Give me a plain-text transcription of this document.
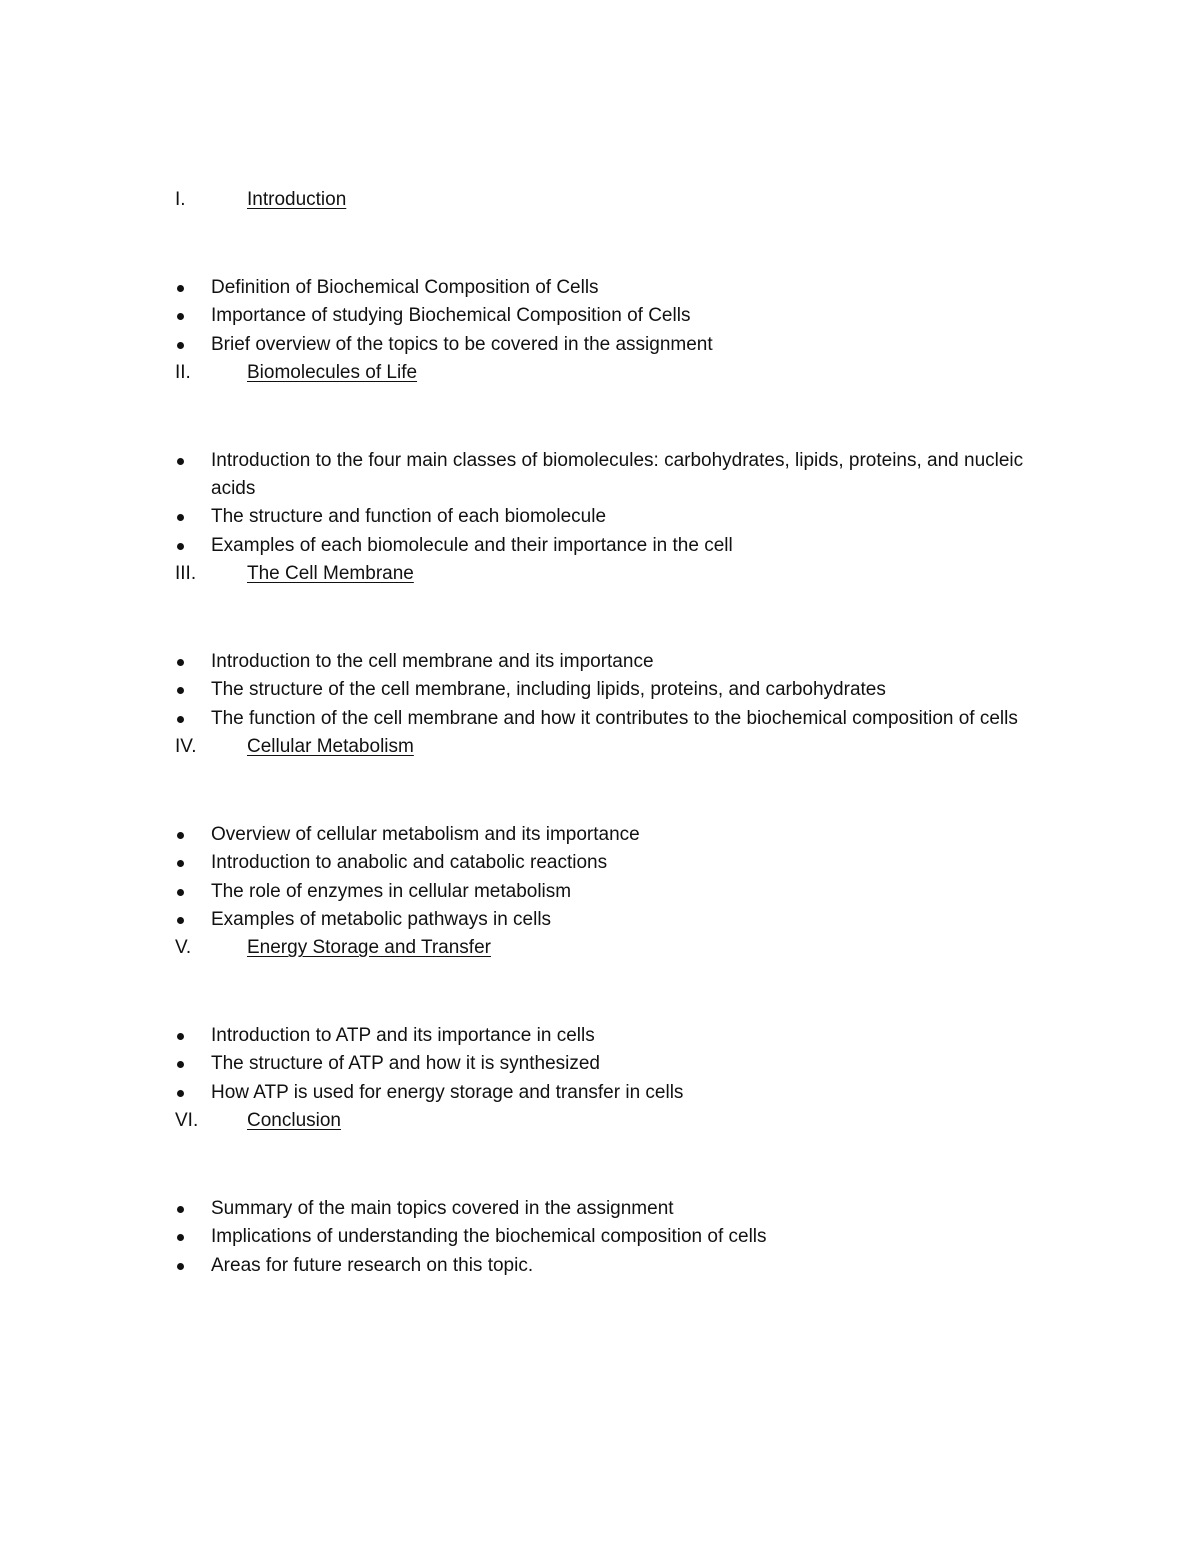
I.	Introduction
Definition of Biochemical Composition of Cells
Importance of studying Biochemical Composition of Cells
Brief overview of the topics to be covered in the assignment
II.	Biomolecules of Life
Introduction to the four main classes of biomolecules: carbohydrates, lipids, proteins, and nucleic acids
The structure and function of each biomolecule
Examples of each biomolecule and their importance in the cell
III.	The Cell Membrane
Introduction to the cell membrane and its importance
The structure of the cell membrane, including lipids, proteins, and carbohydrates
The function of the cell membrane and how it contributes to the biochemical composition of cells
IV.	Cellular Metabolism
Overview of cellular metabolism and its importance
Introduction to anabolic and catabolic reactions
The role of enzymes in cellular metabolism
Examples of metabolic pathways in cells
V.	Energy Storage and Transfer
Introduction to ATP and its importance in cells
The structure of ATP and how it is synthesized
How ATP is used for energy storage and transfer in cells
VI.	Conclusion
Summary of the main topics covered in the assignment
Implications of understanding the biochemical composition of cells
Areas for future research on this topic.
